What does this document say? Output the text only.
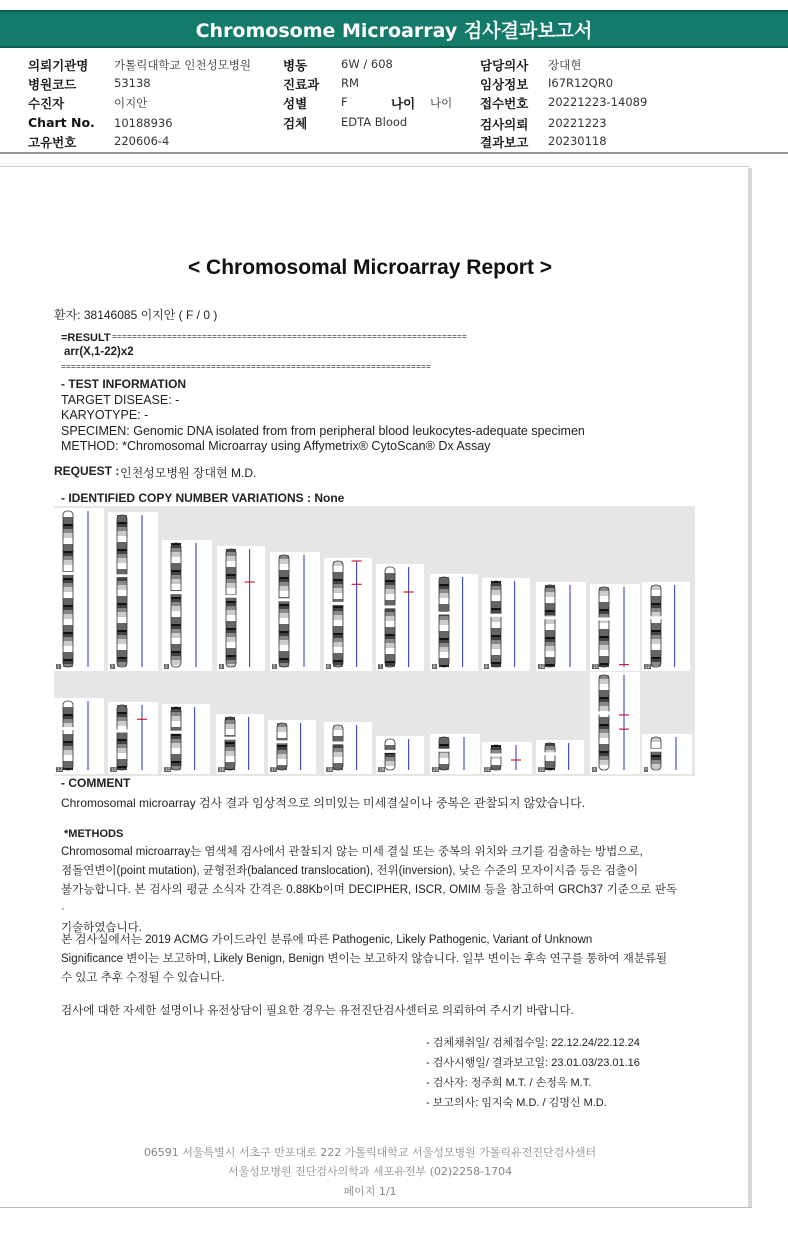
Chromosome Microarray 검사결과보고서
의뢰기관명 가톨릭대학교 인천성모병원
병원코드	53138
수진자	이지안
Chart No. 10188936
고유번호	220606-4
병동	6W / 608
진료과 RM
성별	F	나이 나이
검체	EDTA Blood
담당의사 장대현
임상정보 I67R12QR0
접수번호 20221223-14089
검사의뢰 20221223
결과보고 20230118
< Chromosomal Microarray Report >
환자: 38146085 이지안 ( F / 0 )
=RESULT =======================================================================
arr(X,1-22)x2
==========================================================================
- TEST INFORMATION
TARGET DISEASE: -
KARYOTYPE: -
SPECIMEN: Genomic DNA isolated from from peripheral blood leukocytes-adequate specimen
METHOD: *Chromosomal Microarray using Affymetrix® CytoScan® Dx Assay
REQUEST : 인천성모병원 장대현 M.D.
- IDENTIFIED COPY NUMBER VARIATIONS : None
1	2	3	4	5	6	7	8	9	10	11	12
13	14	15	16	17	18	19	20	21	22	X	Y
- COMMENT
Chromosomal microarray 검사 결과 임상적으로 의미있는 미세결실이나 중복은 관찰되지 않았습니다.
*METHODS
Chromosomal microarray는 염색체 검사에서 관찰되지 않는 미세 결실 또는 중복의 위치와 크기를 검출하는 방법으로,
점돌연변이(point mutation), 균형전좌(balanced translocation), 전위(inversion), 낮은 수준의 모자이시즘 등은 검출이
불가능합니다. 본 검사의 평균 소식자 간격은 0.88Kb이며 DECIPHER, ISCR, OMIM 등을 참고하여 GRCh37 기준으로 판독 ·
기술하였습니다.
본 검사실에서는 2019 ACMG 가이드라인 분류에 따른 Pathogenic, Likely Pathogenic, Variant of Unknown
Significance 변이는 보고하며, Likely Benign, Benign 변이는 보고하지 않습니다. 일부 변이는 후속 연구를 통하여 재분류될
수 있고 추후 수정될 수 있습니다.
검사에 대한 자세한 설명이나 유전상담이 필요한 경우는 유전진단검사센터로 의뢰하여 주시기 바랍니다.
- 검체채취일/ 검체접수일: 22.12.24/22.12.24
- 검사시행일/ 결과보고일: 23.01.03/23.01.16
- 검사자: 정주희 M.T. / 손정옥 M.T.
- 보고의사: 임지숙 M.D. / 김명신 M.D.
06591 서울특별시 서초구 반포대로 222 가톨릭대학교 서울성모병원 가톨릭유전진단검사센터
서울성모병원 진단검사의학과 세포유전부 (02)2258-1704
페이지 1/1
